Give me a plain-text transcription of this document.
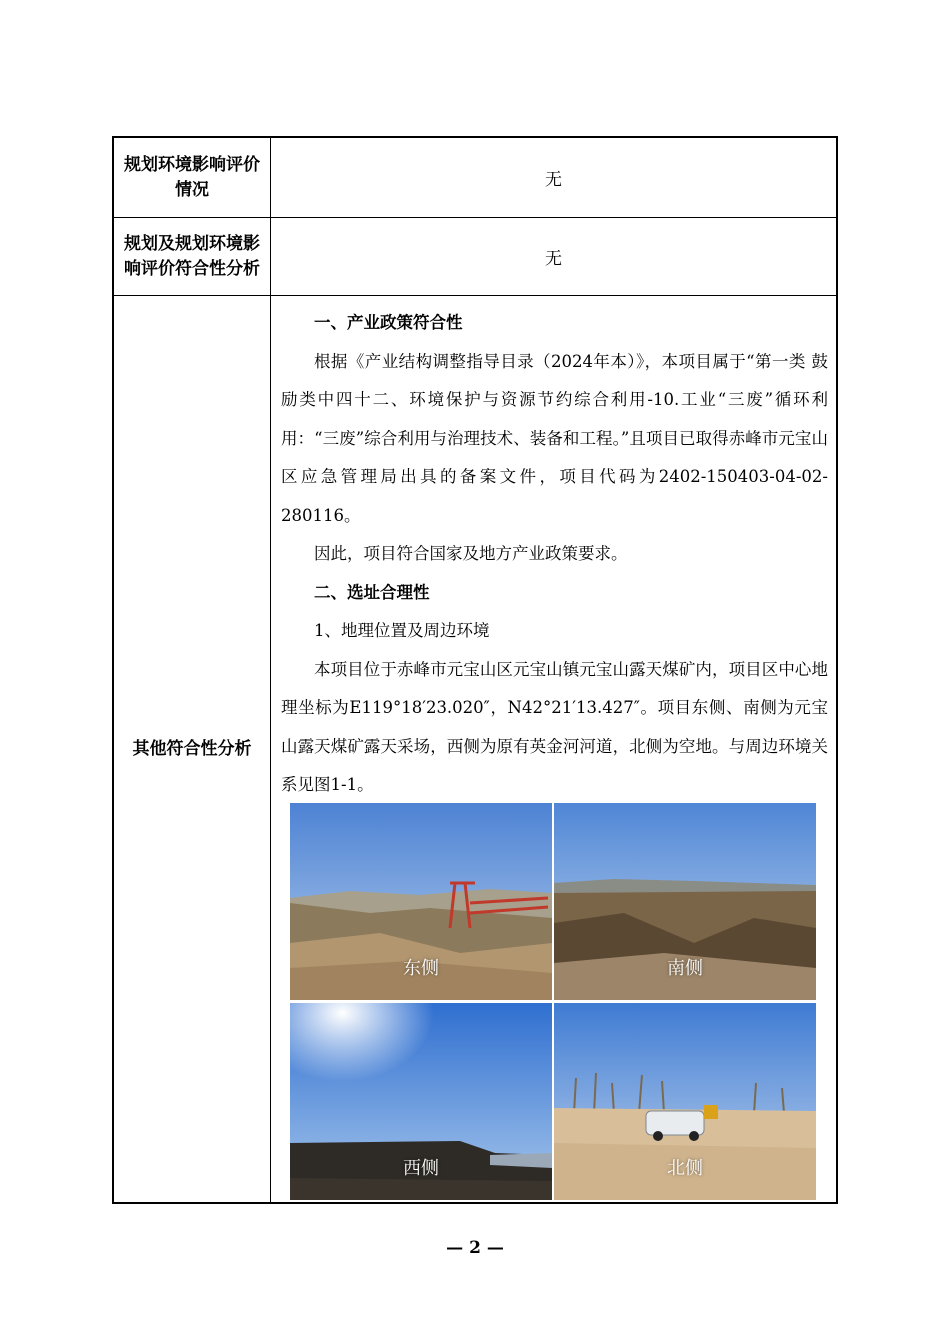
规划环境影响评价情况	无
规划及规划环境影响评价符合性分析	无
其他符合性分析

一、产业政策符合性

根据《产业结构调整指导目录（2024年本）》，本项目属于“第一类 鼓励类中四十二、环境保护与资源节约综合利用-10.工业“三废”循环利用：“三废”综合利用与治理技术、装备和工程。”且项目已取得赤峰市元宝山区应急管理局出具的备案文件，项目代码为2402-150403-04-02-280116。

因此，项目符合国家及地方产业政策要求。

二、选址合理性

1、地理位置及周边环境

本项目位于赤峰市元宝山区元宝山镇元宝山露天煤矿内，项目区中心地理坐标为E119°18′23.020″，N42°21′13.427″。项目东侧、南侧为元宝山露天煤矿露天采场，西侧为原有英金河河道，北侧为空地。与周边环境关系见图1-1。

东侧	南侧
西侧	北侧
— 2 —
